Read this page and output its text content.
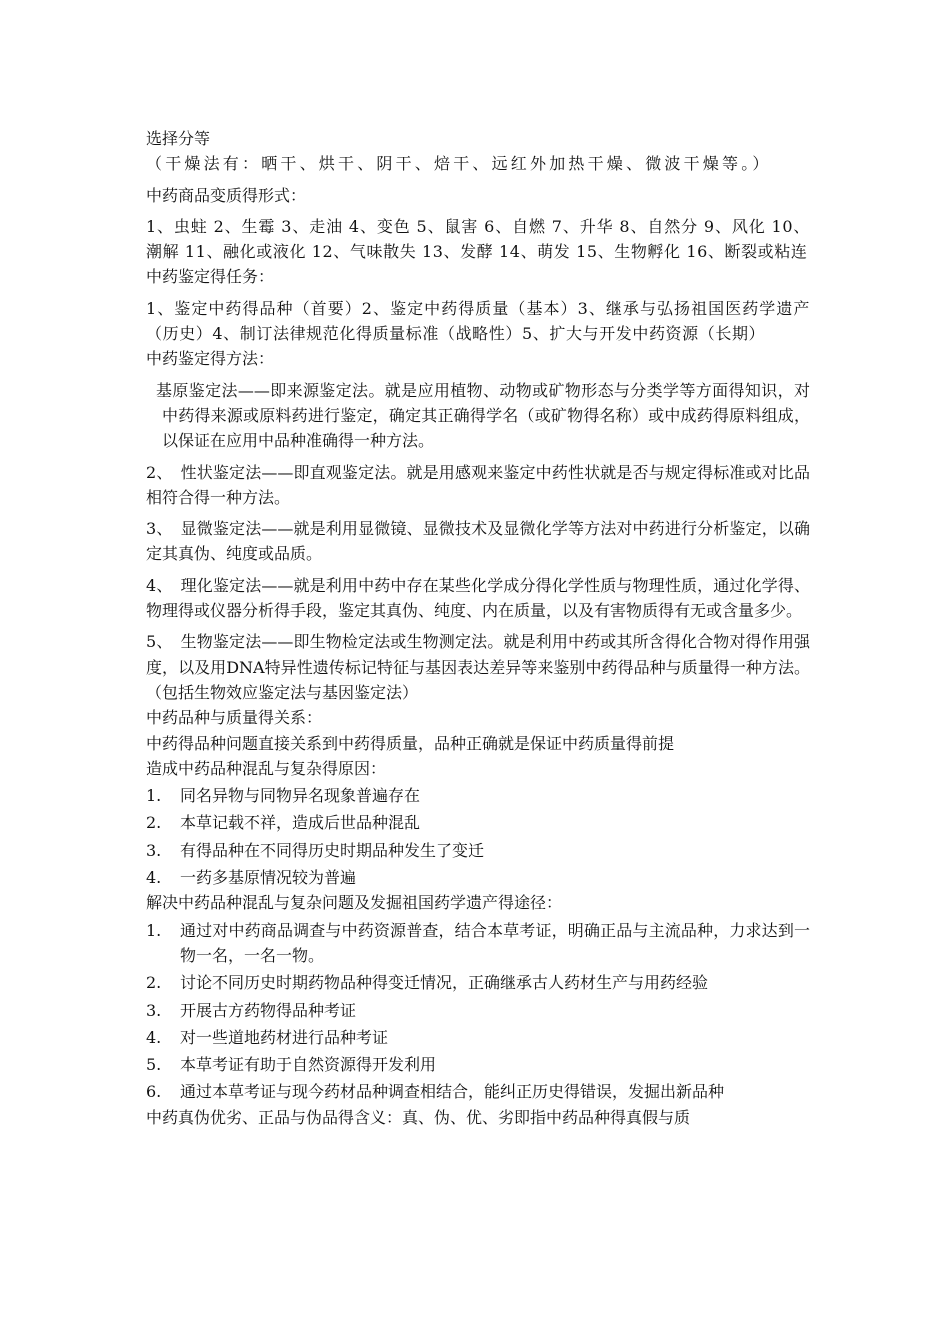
选择分等

（干燥法有：晒干、烘干、阴干、焙干、远红外加热干燥、微波干燥等。）

中药商品变质得形式：

1、虫蛀 2、生霉 3、走油 4、变色 5、鼠害 6、自燃 7、升华 8、自然分 9、风化 10、潮解 11、融化或液化 12、气味散失 13、发酵 14、萌发 15、生物孵化 16、断裂或粘连

中药鉴定得任务：

1、鉴定中药得品种（首要）2、鉴定中药得质量（基本）3、继承与弘扬祖国医药学遗产（历史）4、制订法律规范化得质量标准（战略性）5、扩大与开发中药资源（长期）

中药鉴定得方法：

基原鉴定法——即来源鉴定法。就是应用植物、动物或矿物形态与分类学等方面得知识，对中药得来源或原料药进行鉴定，确定其正确得学名（或矿物得名称）或中成药得原料组成，以保证在应用中品种准确得一种方法。

2、　性状鉴定法——即直观鉴定法。就是用感观来鉴定中药性状就是否与规定得标准或对比品相符合得一种方法。

3、　显微鉴定法——就是利用显微镜、显微技术及显微化学等方法对中药进行分析鉴定，以确定其真伪、纯度或品质。

4、　理化鉴定法——就是利用中药中存在某些化学成分得化学性质与物理性质，通过化学得、物理得或仪器分析得手段，鉴定其真伪、纯度、内在质量，以及有害物质得有无或含量多少。

5、　生物鉴定法——即生物检定法或生物测定法。就是利用中药或其所含得化合物对得作用强度，以及用DNA特异性遗传标记特征与基因表达差异等来鉴别中药得品种与质量得一种方法。（包括生物效应鉴定法与基因鉴定法）

中药品种与质量得关系：

中药得品种问题直接关系到中药得质量，品种正确就是保证中药质量得前提

造成中药品种混乱与复杂得原因：

1.	同名异物与同物异名现象普遍存在
2.	本草记载不祥，造成后世品种混乱
3.	有得品种在不同得历史时期品种发生了变迁
4.	一药多基原情况较为普遍

解决中药品种混乱与复杂问题及发掘祖国药学遗产得途径：

1.	通过对中药商品调查与中药资源普查，结合本草考证，明确正品与主流品种，力求达到一物一名，一名一物。
2.	讨论不同历史时期药物品种得变迁情况，正确继承古人药材生产与用药经验
3.	开展古方药物得品种考证
4.	对一些道地药材进行品种考证
5.	本草考证有助于自然资源得开发利用
6.	通过本草考证与现今药材品种调查相结合，能纠正历史得错误，发掘出新品种

中药真伪优劣、正品与伪品得含义：真、伪、优、劣即指中药品种得真假与质
